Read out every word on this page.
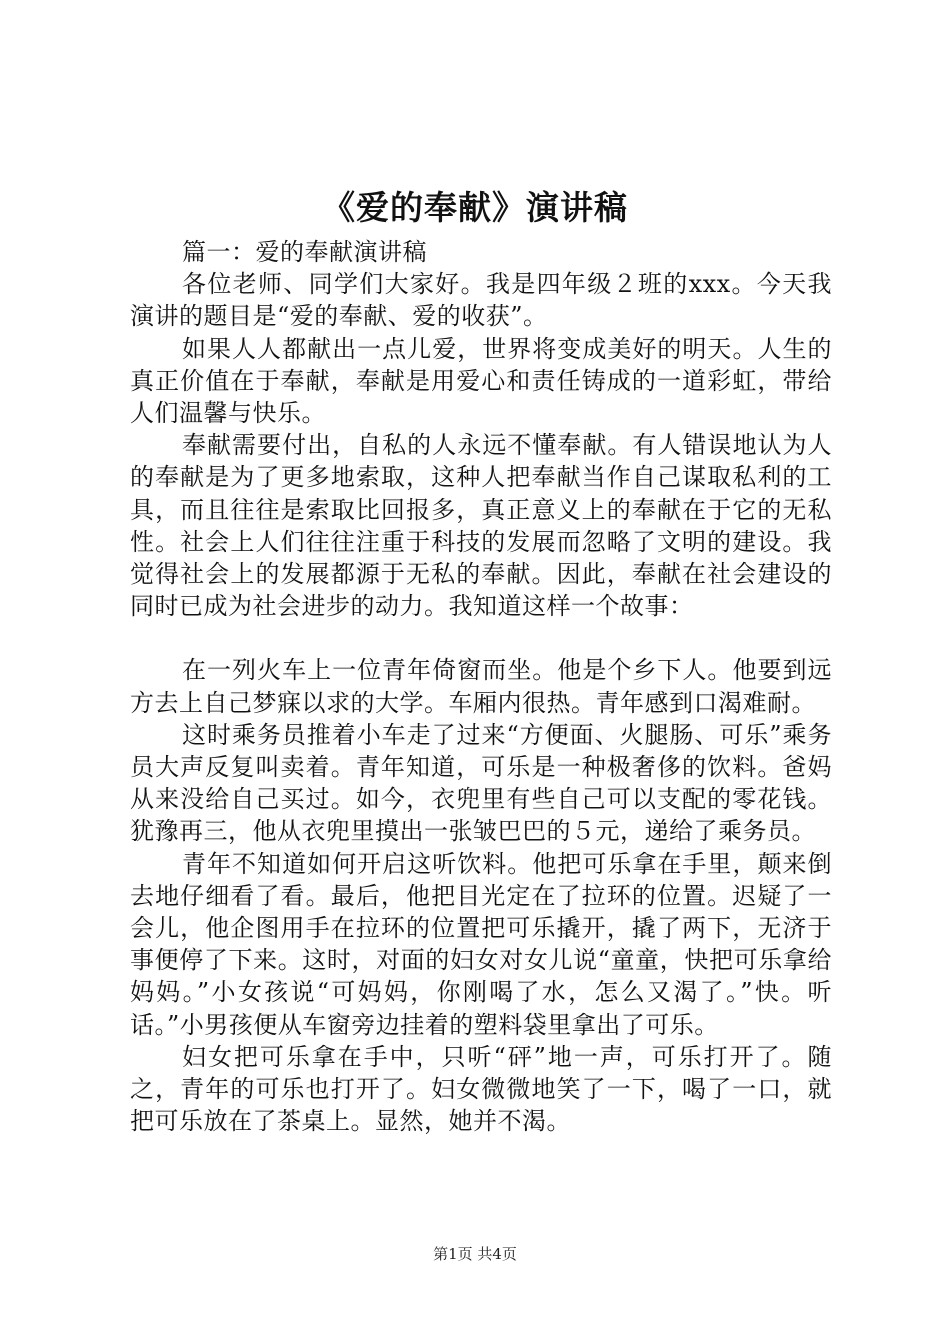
《爱的奉献》演讲稿

篇一：爱的奉献演讲稿

各位老师、同学们大家好。我是四年级２班的xxx。今天我演讲的题目是“爱的奉献、爱的收获”。

如果人人都献出一点儿爱，世界将变成美好的明天。人生的真正价值在于奉献，奉献是用爱心和责任铸成的一道彩虹，带给人们温馨与快乐。

奉献需要付出，自私的人永远不懂奉献。有人错误地认为人的奉献是为了更多地索取，这种人把奉献当作自己谋取私利的工具，而且往往是索取比回报多，真正意义上的奉献在于它的无私性。社会上人们往往注重于科技的发展而忽略了文明的建设。我觉得社会上的发展都源于无私的奉献。因此，奉献在社会建设的同时已成为社会进步的动力。我知道这样一个故事：

在一列火车上一位青年倚窗而坐。他是个乡下人。他要到远方去上自己梦寐以求的大学。车厢内很热。青年感到口渴难耐。

这时乘务员推着小车走了过来“方便面、火腿肠、可乐”乘务员大声反复叫卖着。青年知道，可乐是一种极奢侈的饮料。爸妈从来没给自己买过。如今，衣兜里有些自己可以支配的零花钱。犹豫再三，他从衣兜里摸出一张皱巴巴的５元，递给了乘务员。

青年不知道如何开启这听饮料。他把可乐拿在手里，颠来倒去地仔细看了看。最后，他把目光定在了拉环的位置。迟疑了一会儿，他企图用手在拉环的位置把可乐撬开，撬了两下，无济于事便停了下来。这时，对面的妇女对女儿说“童童，快把可乐拿给妈妈。”小女孩说“可妈妈，你刚喝了水，怎么又渴了。”快。听话。”小男孩便从车窗旁边挂着的塑料袋里拿出了可乐。

妇女把可乐拿在手中，只听“砰”地一声，可乐打开了。随之，青年的可乐也打开了。妇女微微地笑了一下，喝了一口，就把可乐放在了茶桌上。显然，她并不渴。

第1页 共4页
